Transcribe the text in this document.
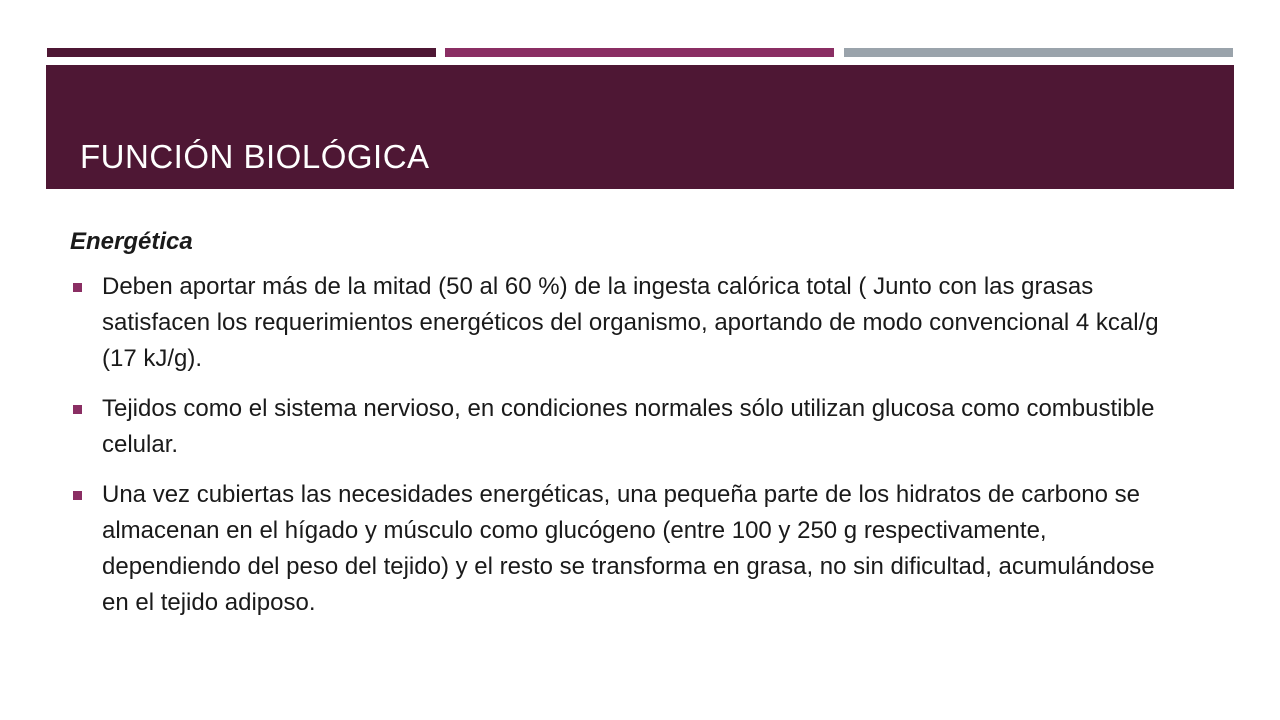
FUNCIÓN BIOLÓGICA

Energética

Deben aportar más de la mitad (50 al 60 %) de la ingesta calórica total ( Junto con las grasas satisfacen los requerimientos energéticos del organismo, aportando de modo convencional 4 kcal/g (17 kJ/g).
Tejidos como el sistema nervioso, en condiciones normales sólo utilizan glucosa como combustible celular.
Una vez cubiertas las necesidades energéticas, una pequeña parte de los hidratos de carbono se almacenan en el hígado y músculo como glucógeno (entre 100 y 250 g respectivamente, dependiendo del peso del tejido) y el resto se transforma en grasa, no sin dificultad, acumulándose en el tejido adiposo.
